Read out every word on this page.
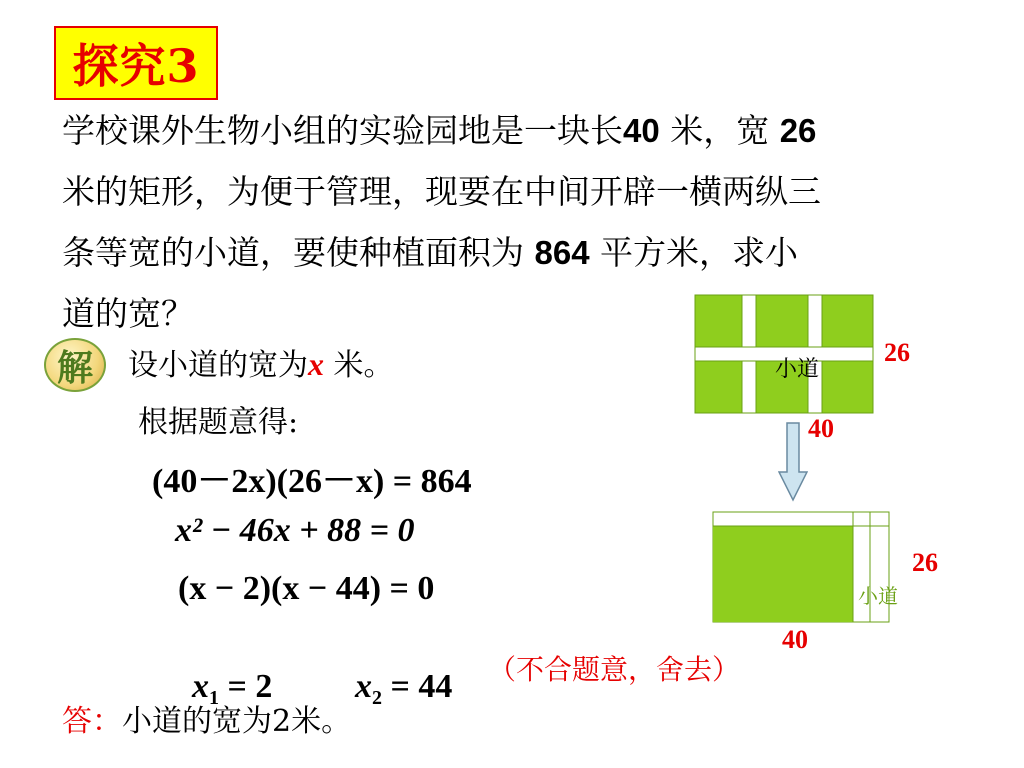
探究3
学校课外生物小组的实验园地是一块长40 米，宽 26
米的矩形，为便于管理，现要在中间开辟一横两纵三
条等宽的小道，要使种植面积为 864 平方米，求小
道的宽？
解 设小道的宽为x 米。
根据题意得:
(40－2x)(26－x) = 864
x² − 46x + 88 = 0
(x − 2)(x − 44) = 0

$x_1 = 2$	$x_2 = 44$ （不合题意，舍去）
答：小道的宽为2米。
小道
26
40
小道
26
40
